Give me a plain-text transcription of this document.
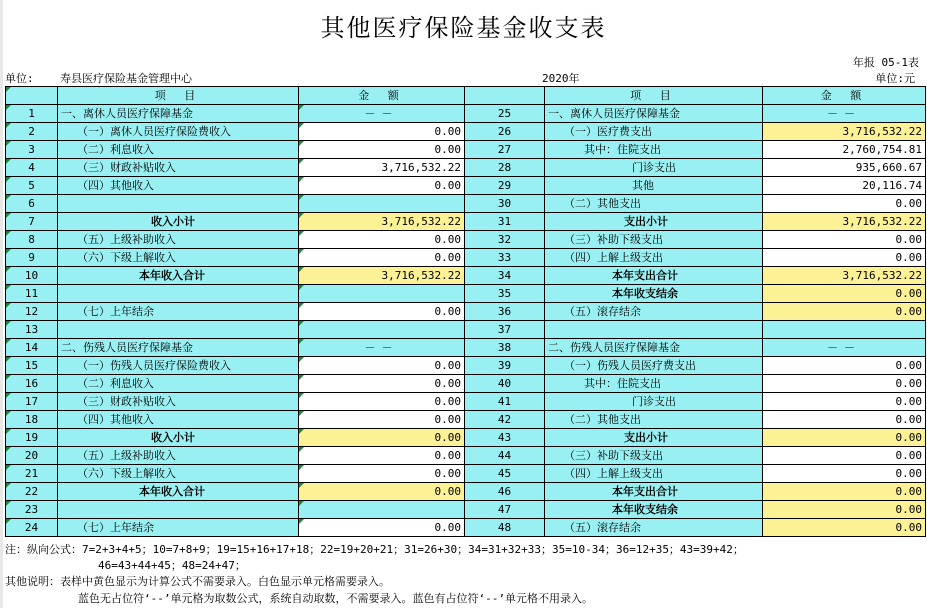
其他医疗保险基金收支表
年报 05-1表
单位: 寿县医疗保险基金管理中心	2020年	单位:元
	项 目	金 额		项 目	金 额
1	一、离休人员医疗保障基金	－－	25	一、离休人员医疗保障基金	－－
2	（一）离休人员医疗保险费收入	0.00	26	（一）医疗费支出	3,716,532.22
3	（二）利息收入	0.00	27	其中：住院支出	2,760,754.81
4	（三）财政补贴收入	3,716,532.22	28	门诊支出	935,660.67
5	（四）其他收入	0.00	29	其他	20,116.74
6			30	（二）其他支出	0.00
7	收入小计	3,716,532.22	31	支出小计	3,716,532.22
8	（五）上级补助收入	0.00	32	（三）补助下级支出	0.00
9	（六）下级上解收入	0.00	33	（四）上解上级支出	0.00
10	本年收入合计	3,716,532.22	34	本年支出合计	3,716,532.22
11			35	本年收支结余	0.00
12	（七）上年结余	0.00	36	（五）滚存结余	0.00
13			37		
14	二、伤残人员医疗保障基金	－－	38	二、伤残人员医疗保障基金	－－
15	（一）伤残人员医疗保险费收入	0.00	39	（一）伤残人员医疗费支出	0.00
16	（二）利息收入	0.00	40	其中：住院支出	0.00
17	（三）财政补贴收入	0.00	41	门诊支出	0.00
18	（四）其他收入	0.00	42	（二）其他支出	0.00
19	收入小计	0.00	43	支出小计	0.00
20	（五）上级补助收入	0.00	44	（三）补助下级支出	0.00
21	（六）下级上解收入	0.00	45	（四）上解上级支出	0.00
22	本年收入合计	0.00	46	本年支出合计	0.00
23			47	本年收支结余	0.00
24	（七）上年结余	0.00	48	（五）滚存结余	0.00
注：纵向公式：7=2+3+4+5；10=7+8+9；19=15+16+17+18；22=19+20+21；31=26+30；34=31+32+33；35=10-34；36=12+35；43=39+42；
46=43+44+45；48=24+47；
其他说明：表样中黄色显示为计算公式不需要录入。白色显示单元格需要录入。
蓝色无占位符‘--’单元格为取数公式，系统自动取数，不需要录入。蓝色有占位符‘--’单元格不用录入。
